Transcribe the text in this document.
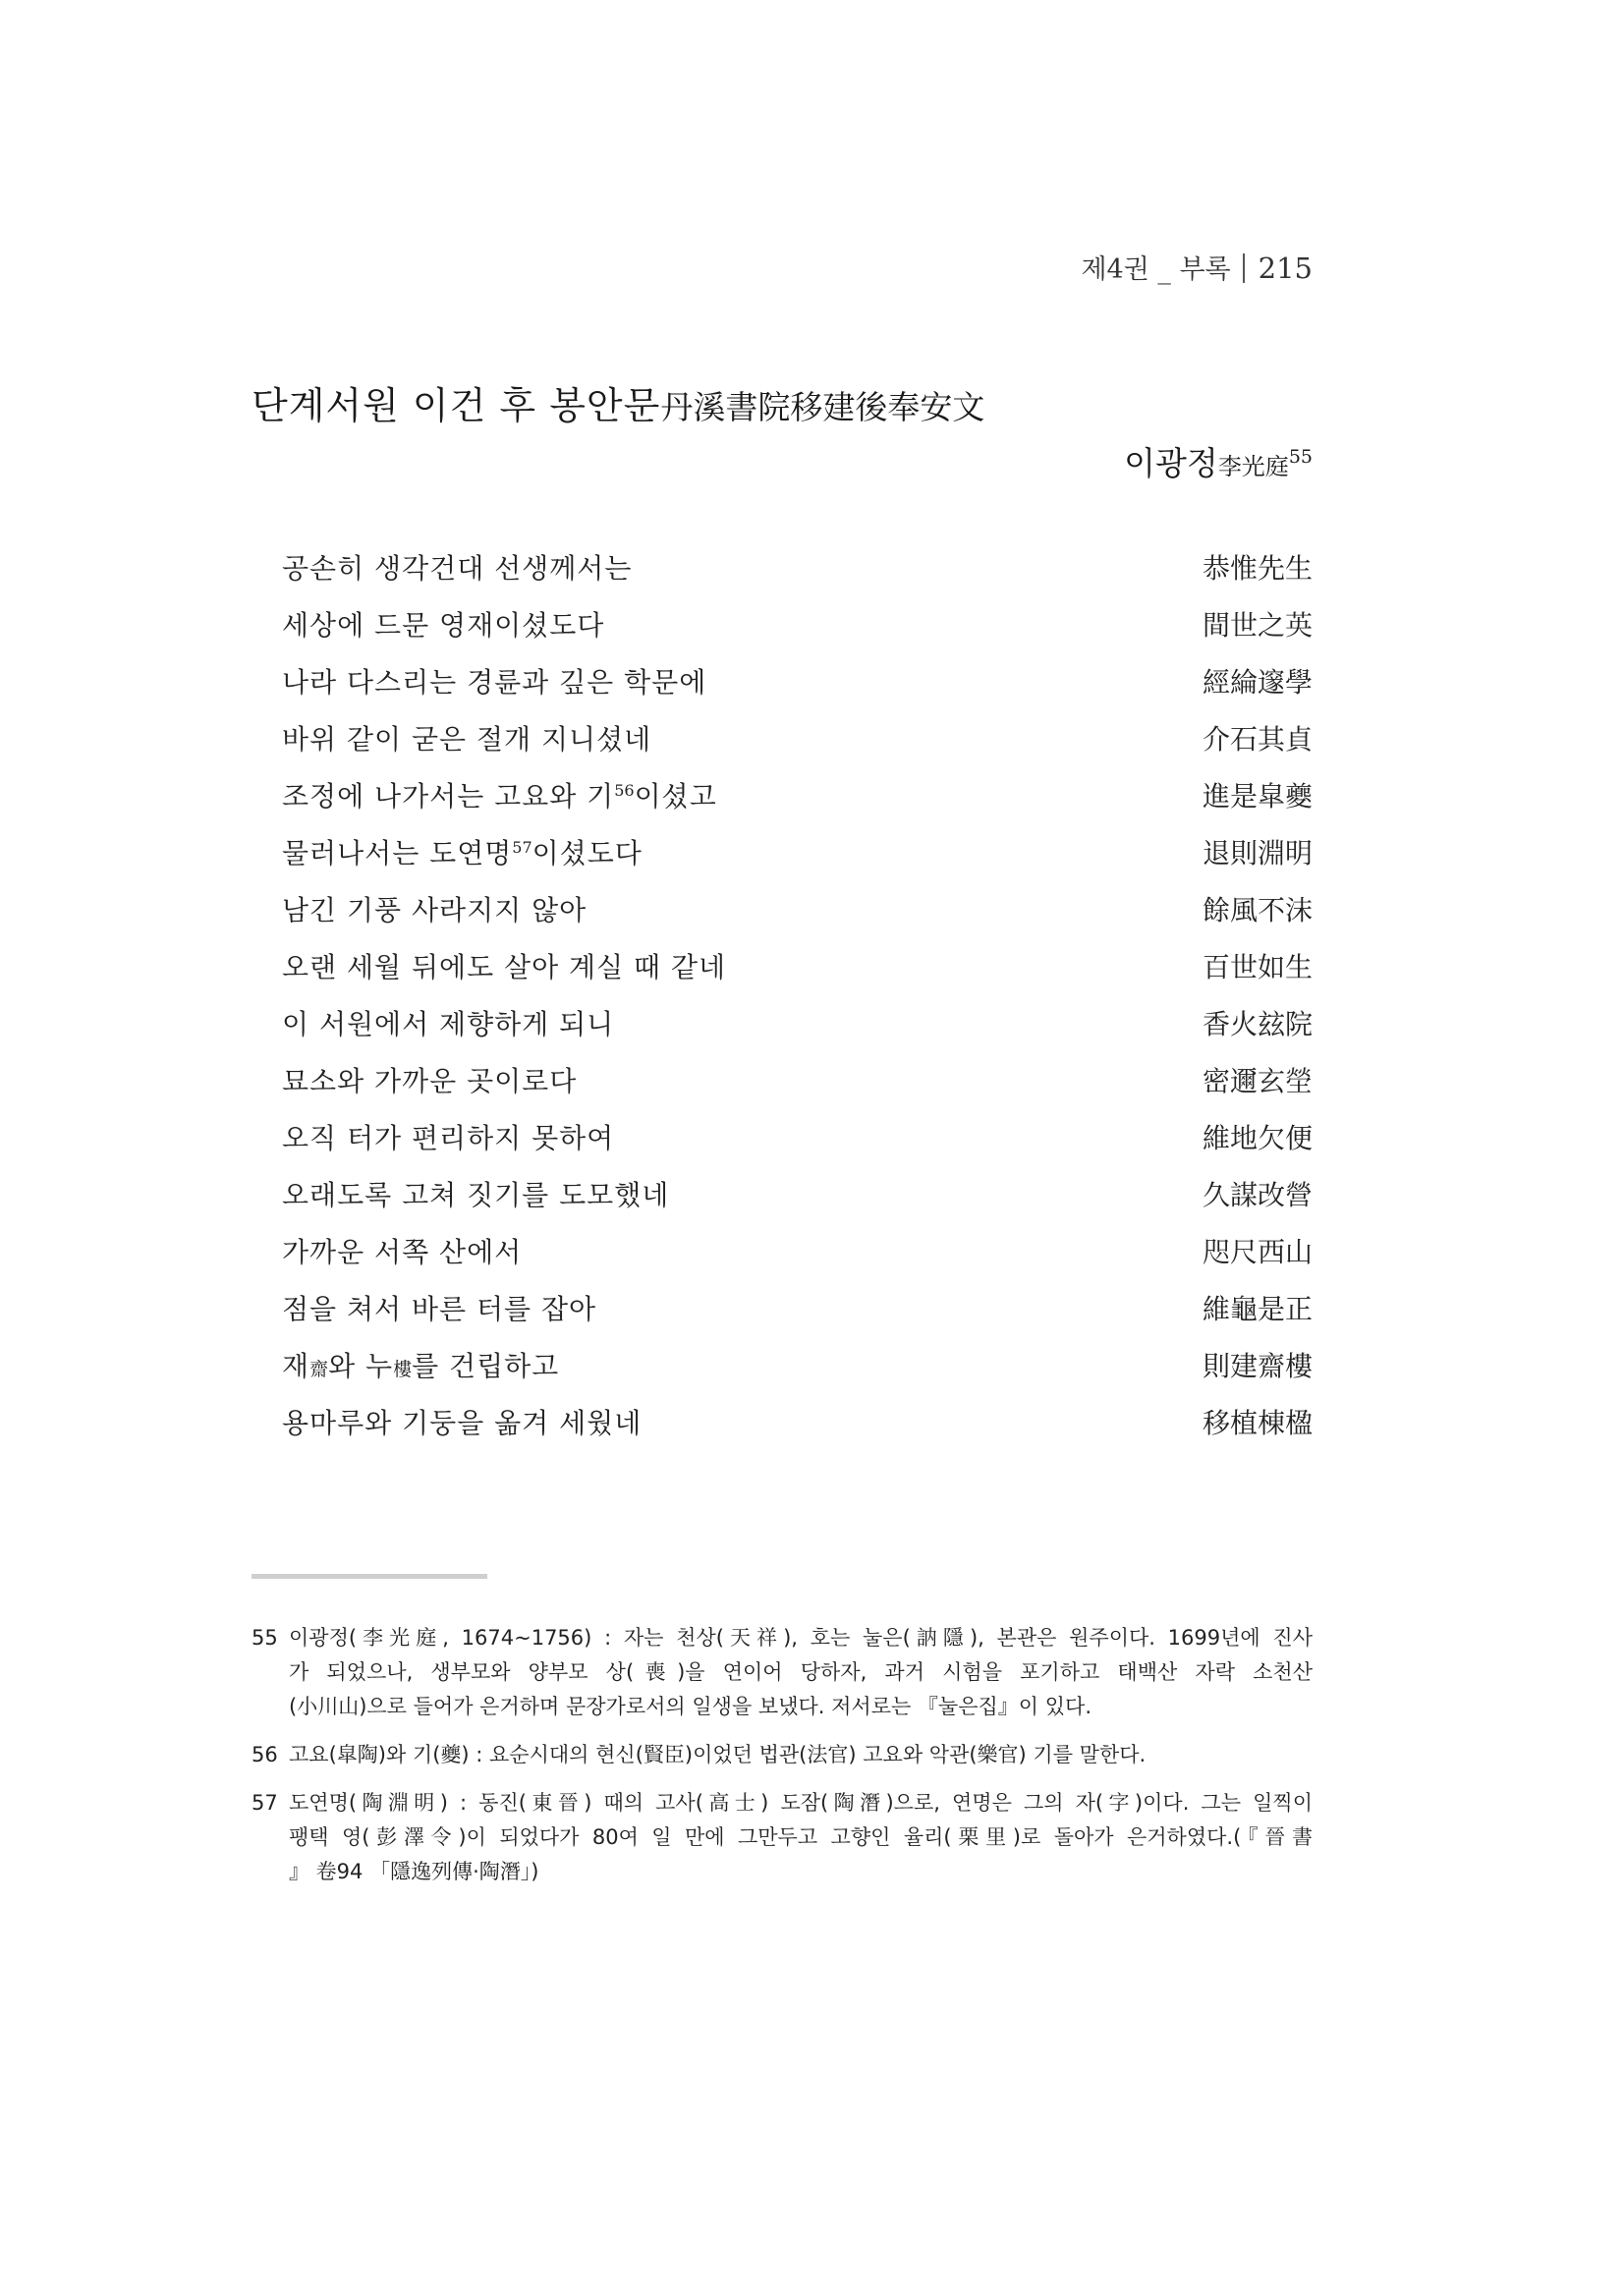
제4권 _ 부록 215
단계서원 이건 후 봉안문丹溪書院移建後奉安文
이광정李光庭$^{55}$
공손히 생각건대 선생께서는	恭惟先生
세상에 드문 영재이셨도다	間世之英
나라 다스리는 경륜과 깊은 학문에	經綸邃學
바위 같이 굳은 절개 지니셨네	介石其貞
조정에 나가서는 고요와 기$^{56}$이셨고	進是皐夔
물러나서는 도연명$^{57}$이셨도다	退則淵明
남긴 기풍 사라지지 않아	餘風不沫
오랜 세월 뒤에도 살아 계실 때 같네	百世如生
이 서원에서 제향하게 되니	香火玆院
묘소와 가까운 곳이로다	密邇玄塋
오직 터가 편리하지 못하여	維地欠便
오래도록 고쳐 짓기를 도모했네	久謀改營
가까운 서쪽 산에서	咫尺西山
점을 쳐서 바른 터를 잡아	維龜是正
재齋와 누樓를 건립하고	則建齋樓
용마루와 기둥을 옮겨 세웠네	移植棟楹
55 이광정(李光庭, 1674~1756) : 자는 천상(天祥), 호는 눌은(訥隱), 본관은 원주이다. 1699년에 진사
가 되었으나, 생부모와 양부모 상(喪)을 연이어 당하자, 과거 시험을 포기하고 태백산 자락 소천산
(小川山)으로 들어가 은거하며 문장가로서의 일생을 보냈다. 저서로는 『눌은집』이 있다.
56 고요(皐陶)와 기(夔) : 요순시대의 현신(賢臣)이었던 법관(法官) 고요와 악관(樂官) 기를 말한다.
57 도연명(陶淵明) : 동진(東晉) 때의 고사(高士) 도잠(陶潛)으로, 연명은 그의 자(字)이다. 그는 일찍이
팽택 영(彭澤令)이 되었다가 80여 일 만에 그만두고 고향인 율리(栗里)로 돌아가 은거하였다.(『晉書
』 卷94 「隱逸列傳·陶潛」)
